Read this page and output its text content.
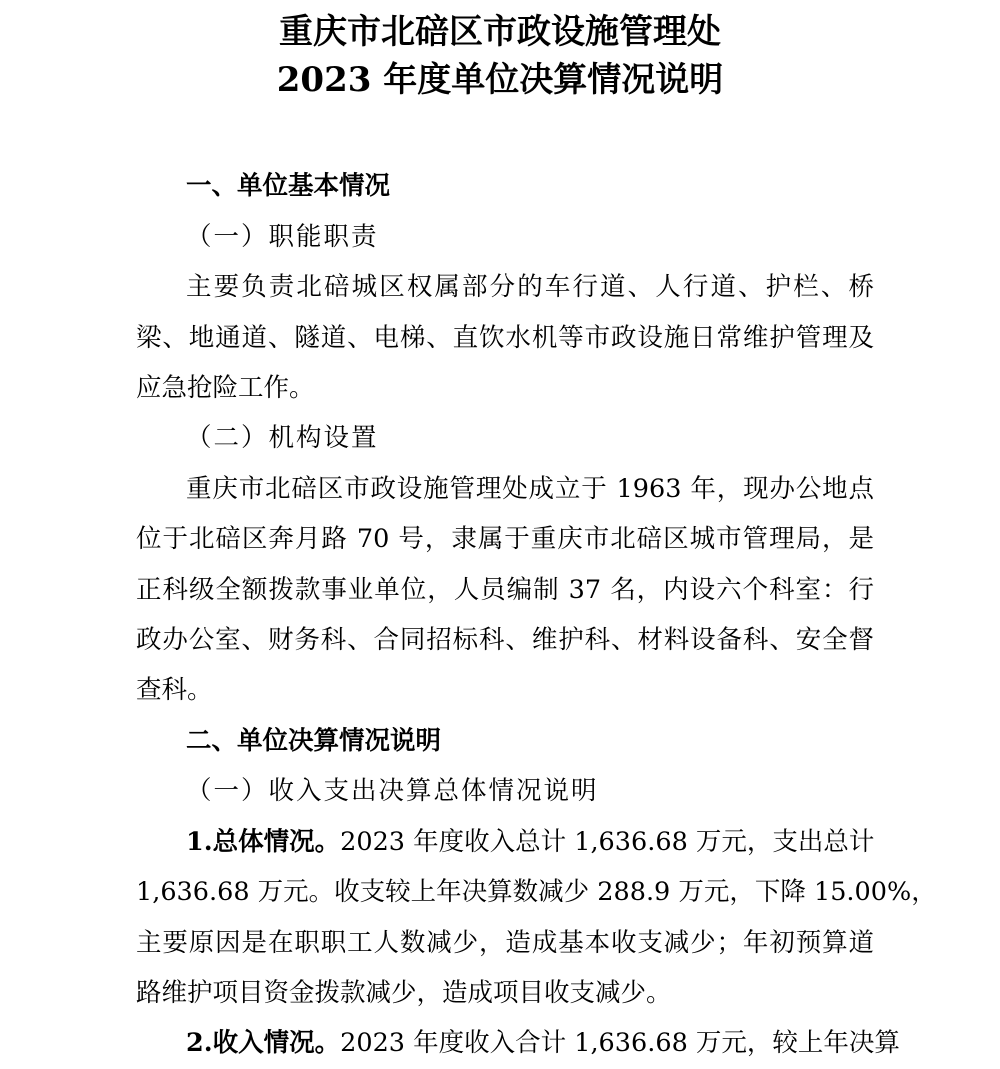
重庆市北碚区市政设施管理处
2023 年度单位决算情况说明
一、单位基本情况
（一）职能职责
主要负责北碚城区权属部分的车行道、人行道、护栏、桥
梁、地通道、隧道、电梯、直饮水机等市政设施日常维护管理及
应急抢险工作。
（二）机构设置
重庆市北碚区市政设施管理处成立于 1963 年，现办公地点
位于北碚区奔月路 70 号，隶属于重庆市北碚区城市管理局，是
正科级全额拨款事业单位，人员编制 37 名，内设六个科室：行
政办公室、财务科、合同招标科、维护科、材料设备科、安全督
查科。
二、单位决算情况说明
（一）收入支出决算总体情况说明
1.总体情况。2023 年度收入总计 1,636.68 万元，支出总计
1,636.68 万元。收支较上年决算数减少 288.9 万元，下降 15.00%，
主要原因是在职职工人数减少，造成基本收支减少；年初预算道
路维护项目资金拨款减少，造成项目收支减少。
2.收入情况。2023 年度收入合计 1,636.68 万元，较上年决算
